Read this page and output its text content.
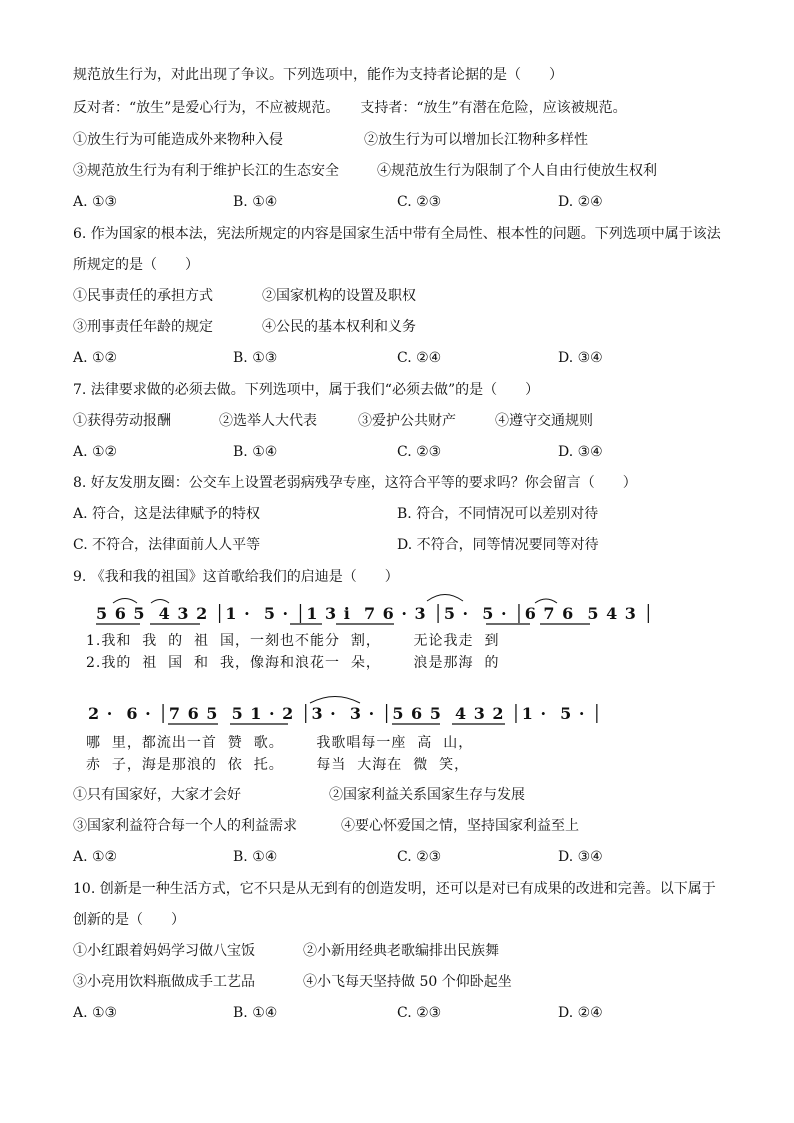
规范放生行为，对此出现了争议。下列选项中，能作为支持者论据的是（　　）
反对者：“放生”是爱心行为，不应被规范。　　支持者：“放生”有潜在危险，应该被规范。
①放生行为可能造成外来物种入侵	②放生行为可以增加长江物种多样性
③规范放生行为有利于维护长江的生态安全	④规范放生行为限制了个人自由行使放生权利
A. ①③	B. ①④	C. ②③	D. ②④
6. 作为国家的根本法，宪法所规定的内容是国家生活中带有全局性、根本性的问题。下列选项中属于该法
所规定的是（　　）
①民事责任的承担方式	②国家机构的设置及职权
③刑事责任年龄的规定	④公民的基本权利和义务
A. ①②	B. ①③	C. ②④	D. ③④
7. 法律要求做的必须去做。下列选项中，属于我们“必须去做”的是（　　）
①获得劳动报酬	②选举人大代表	③爱护公共财产	④遵守交通规则
A. ①②	B. ①④	C. ②③	D. ③④
8. 好友发朋友圈：公交车上设置老弱病残孕专座，这符合平等的要求吗？你会留言（　　）
A. 符合，这是法律赋予的特权	B. 符合，不同情况可以差别对待
C. 不符合，法律面前人人平等	D. 不符合，同等情况要同等对待
9. 《我和我的祖国》这首歌给我们的启迪是（　　）
5 6 5  4 3 2 │1 ·  5 · │1 3 i  7 6 · 3 │5 ·  5 · │6 7 6  5 4 3 │
1.我和  我  的  祖  国，一刻也不能分  割，      无论我走  到
2.我的  祖  国  和  我，像海和浪花一  朵，      浪是那海  的
2 ·  6 · │7 6 5  5 1 · 2 │3 ·  3 · │5 6 5  4 3 2 │1 ·  5 · │
哪  里，都流出一首  赞  歌。      我歌唱每一座  高  山，
赤  子，海是那浪的  依  托。      每当  大海在  微  笑，
①只有国家好，大家才会好	②国家利益关系国家生存与发展
③国家利益符合每一个人的利益需求	④要心怀爱国之情，坚持国家利益至上
A. ①②	B. ①④	C. ②③	D. ③④
10. 创新是一种生活方式，它不只是从无到有的创造发明，还可以是对已有成果的改进和完善。以下属于
创新的是（　　）
①小红跟着妈妈学习做八宝饭	②小新用经典老歌编排出民族舞
③小亮用饮料瓶做成手工艺品	④小飞每天坚持做 50 个仰卧起坐
A. ①③	B. ①④	C. ②③	D. ②④
